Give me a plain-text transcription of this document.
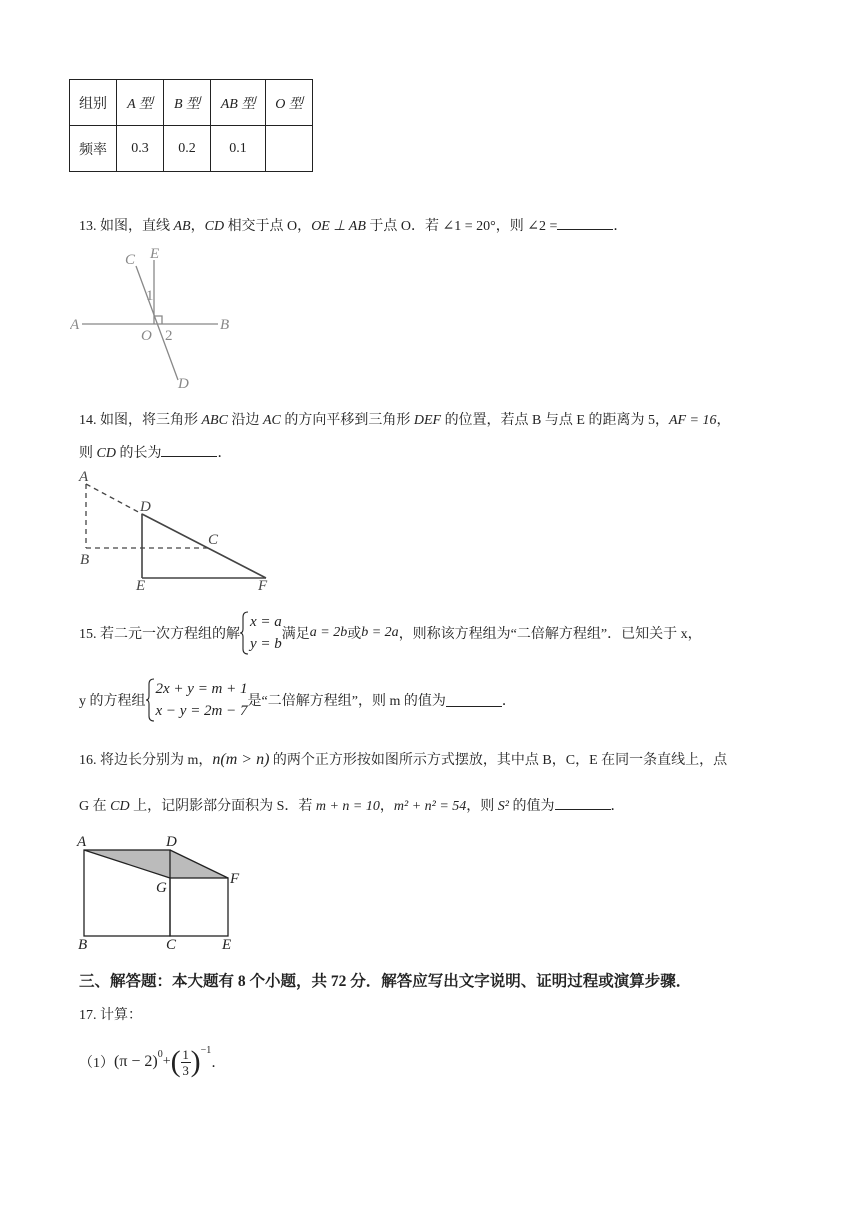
组别	A 型	B 型	AB 型	O 型
频率	0.3	0.2	0.1	
13. 如图，直线 AB，CD 相交于点 O，OE ⊥ AB 于点 O．若 ∠1 = 20°，则 ∠2 =	．
A	B
C E
D
O
1
2
14. 如图，将三角形 ABC 沿边 AC 的方向平移到三角形 DEF 的位置，若点 B 与点 E 的距离为 5，AF = 16，
则 CD 的长为	．
A
B
D
C
E	F
15. 若二元一次方程组的解
x = a
y = b
满足 a = 2b 或 b = 2a ，则称该方程组为“二倍解方程组”．已知关于 x，
y 的方程组
2x + y = m + 1
x − y = 2m − 7
是“二倍解方程组”，则 m 的值为	．
16. 将边长分别为 m，n(m > n) 的两个正方形按如图所示方式摆放，其中点 B，C，E 在同一条直线上，点
G 在 CD 上，记阴影部分面积为 S．若 m + n = 10，m² + n² = 54，则 S² 的值为	．
A	D
G
F
B	C	E
三、解答题：本大题有 8 个小题，共 72 分．解答应写出文字说明、证明过程或演算步骤．
17. 计算：
（1） $(\pi - 2)^0$ + ( 1
3 )$^{-1}$
．
